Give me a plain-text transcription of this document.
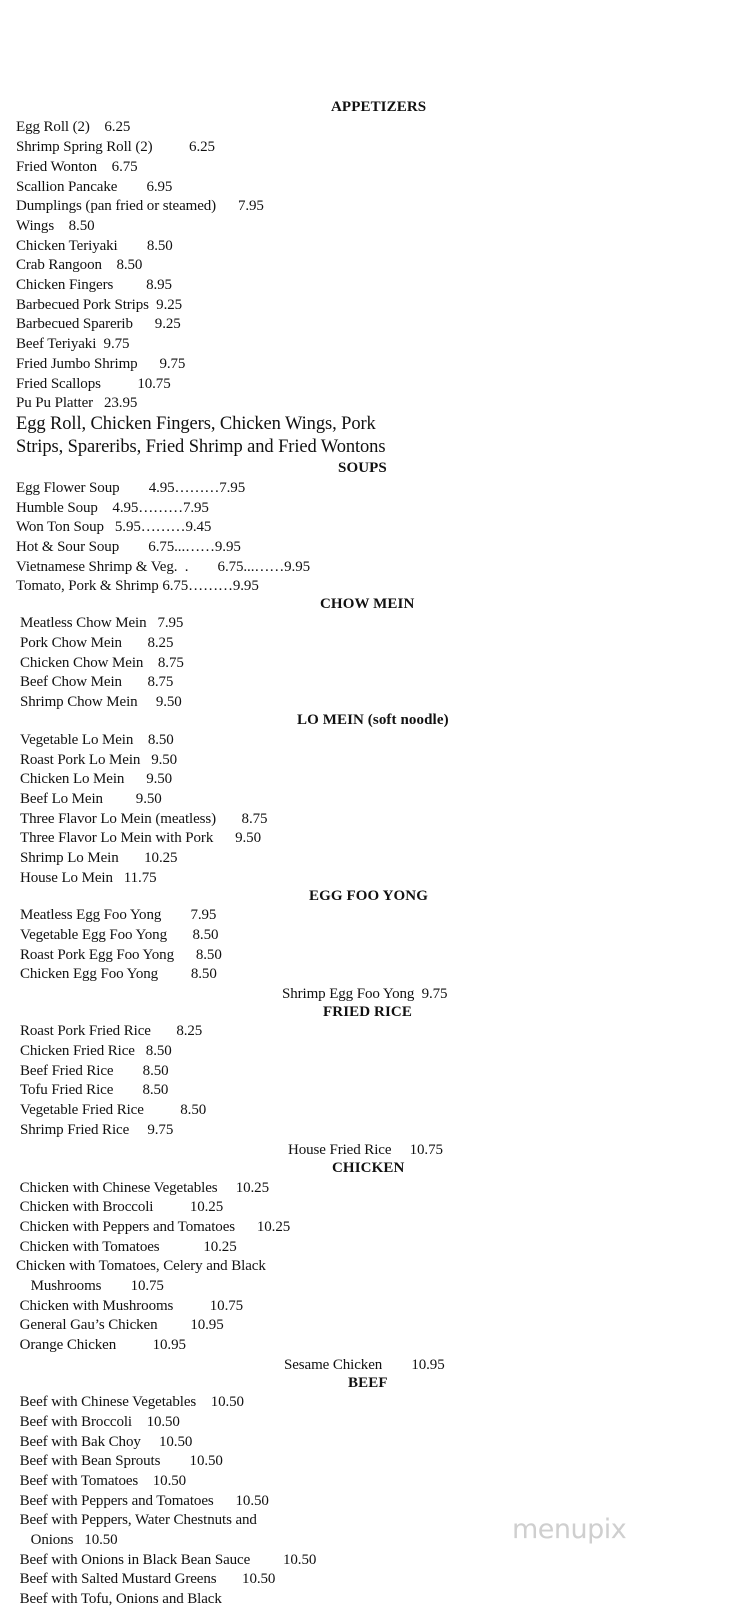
APPETIZERS
Egg Roll (2)    6.25
Shrimp Spring Roll (2)          6.25
Fried Wonton    6.75
Scallion Pancake        6.95
Dumplings (pan fried or steamed)      7.95
Wings    8.50
Chicken Teriyaki        8.50
Crab Rangoon    8.50
Chicken Fingers         8.95
Barbecued Pork Strips  9.25
Barbecued Sparerib      9.25
Beef Teriyaki  9.75
Fried Jumbo Shrimp      9.75
Fried Scallops          10.75
Pu Pu Platter   23.95
Egg Roll, Chicken Fingers, Chicken Wings, Pork
Strips, Spareribs, Fried Shrimp and Fried Wontons
SOUPS
Egg Flower Soup        4.95………7.95
Humble Soup    4.95………7.95
Won Ton Soup   5.95………9.45
Hot & Sour Soup        6.75...……9.95
Vietnamese Shrimp & Veg.  .        6.75...……9.95
Tomato, Pork & Shrimp 6.75………9.95
CHOW MEIN
Meatless Chow Mein   7.95
Pork Chow Mein       8.25
Chicken Chow Mein    8.75
Beef Chow Mein       8.75
Shrimp Chow Mein     9.50
LO MEIN (soft noodle)
Vegetable Lo Mein    8.50
Roast Pork Lo Mein   9.50
Chicken Lo Mein      9.50
Beef Lo Mein         9.50
Three Flavor Lo Mein (meatless)       8.75
Three Flavor Lo Mein with Pork      9.50
Shrimp Lo Mein       10.25
House Lo Mein   11.75
EGG FOO YONG
Meatless Egg Foo Yong        7.95
Vegetable Egg Foo Yong       8.50
Roast Pork Egg Foo Yong      8.50
Chicken Egg Foo Yong         8.50
Shrimp Egg Foo Yong  9.75
FRIED RICE
Roast Pork Fried Rice       8.25
Chicken Fried Rice   8.50
Beef Fried Rice        8.50
Tofu Fried Rice        8.50
Vegetable Fried Rice          8.50
Shrimp Fried Rice     9.75
House Fried Rice     10.75
CHICKEN
Chicken with Chinese Vegetables     10.25
Chicken with Broccoli          10.25
Chicken with Peppers and Tomatoes      10.25
Chicken with Tomatoes            10.25
Chicken with Tomatoes, Celery and Black
Mushrooms        10.75
Chicken with Mushrooms          10.75
General Gau’s Chicken         10.95
Orange Chicken          10.95
Sesame Chicken        10.95
BEEF
Beef with Chinese Vegetables    10.50
Beef with Broccoli    10.50
Beef with Bak Choy     10.50
Beef with Bean Sprouts        10.50
Beef with Tomatoes    10.50
Beef with Peppers and Tomatoes      10.50
Beef with Peppers, Water Chestnuts and
Onions   10.50
Beef with Onions in Black Bean Sauce         10.50
Beef with Salted Mustard Greens       10.50
Beef with Tofu, Onions and Black
menupix
